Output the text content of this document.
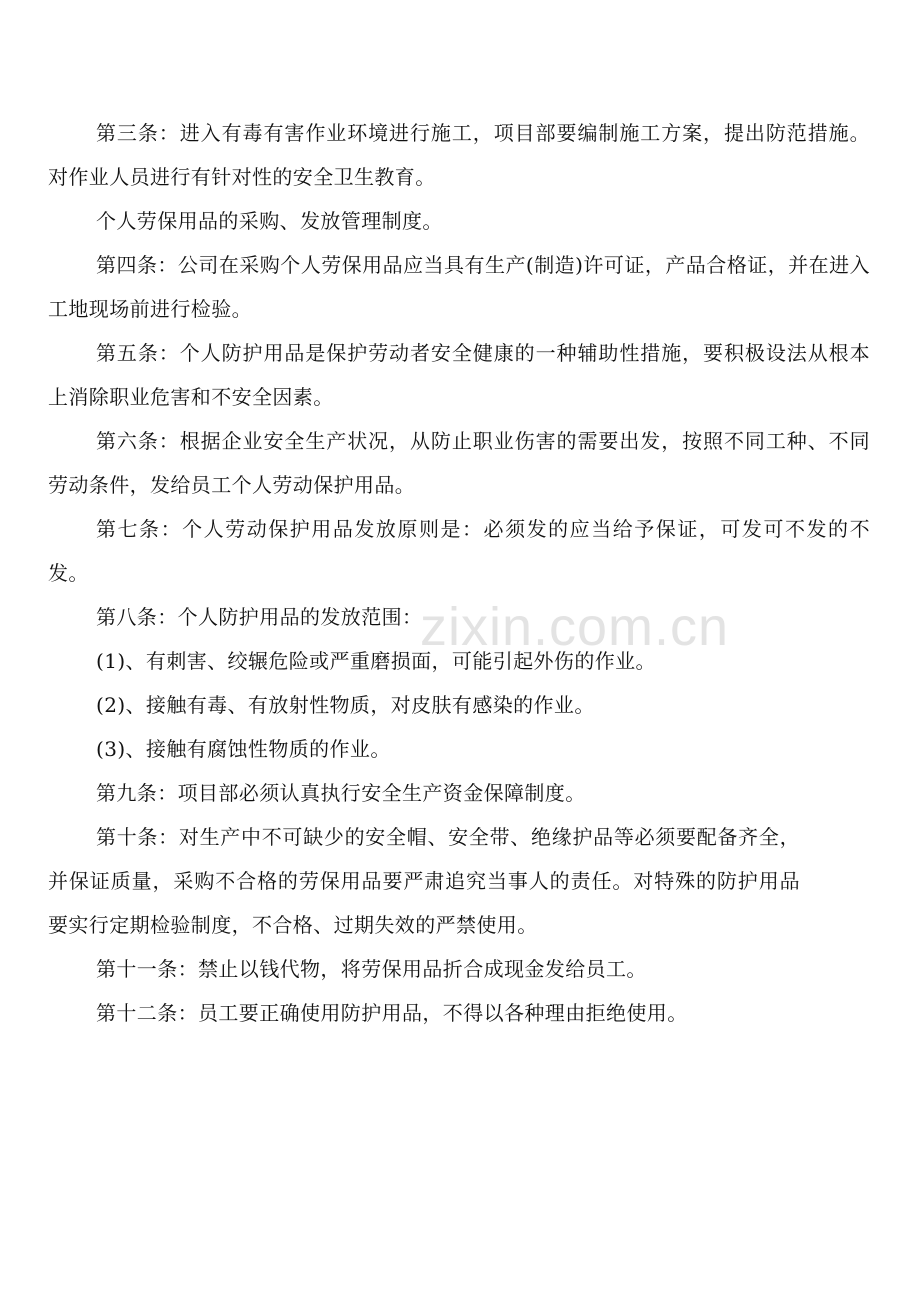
第三条：进入有毒有害作业环境进行施工，项目部要编制施工方案，提出防范措施。对作业人员进行有针对性的安全卫生教育。

个人劳保用品的采购、发放管理制度。

第四条：公司在采购个人劳保用品应当具有生产(制造)许可证，产品合格证，并在进入工地现场前进行检验。

第五条：个人防护用品是保护劳动者安全健康的一种辅助性措施，要积极设法从根本上消除职业危害和不安全因素。

第六条：根据企业安全生产状况，从防止职业伤害的需要出发，按照不同工种、不同劳动条件，发给员工个人劳动保护用品。

第七条：个人劳动保护用品发放原则是：必须发的应当给予保证，可发可不发的不发。

第八条：个人防护用品的发放范围：

(1)、有刺害、绞辗危险或严重磨损面，可能引起外伤的作业。

(2)、接触有毒、有放射性物质，对皮肤有感染的作业。

(3)、接触有腐蚀性物质的作业。

第九条：项目部必须认真执行安全生产资金保障制度。

第十条：对生产中不可缺少的安全帽、安全带、绝缘护品等必须要配备齐全，并保证质量，采购不合格的劳保用品要严肃追究当事人的责任。对特殊的防护用品要实行定期检验制度，不合格、过期失效的严禁使用。

第十一条：禁止以钱代物，将劳保用品折合成现金发给员工。

第十二条：员工要正确使用防护用品，不得以各种理由拒绝使用。

zixin.com.cn
